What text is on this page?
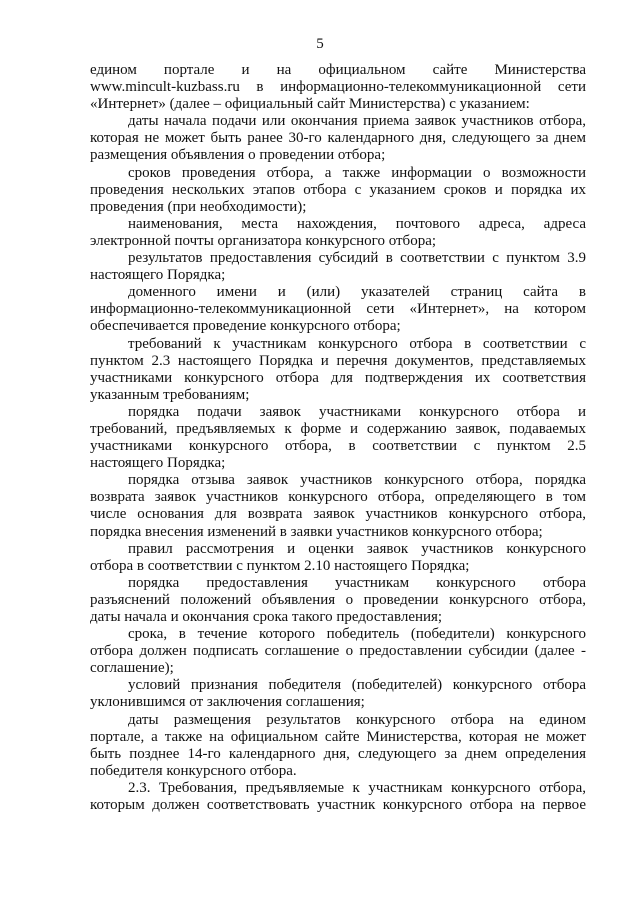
5

едином портале и на официальном сайте Министерства

www.mincult-kuzbass.ru в информационно-телекоммуникационной сети

«Интернет» (далее – официальный сайт Министерства) с указанием:

даты начала подачи или окончания приема заявок участников отбора,

которая не может быть ранее 30-го календарного дня, следующего за днем

размещения объявления о проведении отбора;

сроков проведения отбора, а также информации о возможности

проведения нескольких этапов отбора с указанием сроков и порядка их

проведения (при необходимости);

наименования, места нахождения, почтового адреса, адреса

электронной почты организатора конкурсного отбора;

результатов предоставления субсидий в соответствии с пунктом 3.9

настоящего Порядка;

доменного имени и (или) указателей страниц сайта в

информационно-телекоммуникационной сети «Интернет», на котором

обеспечивается проведение конкурсного отбора;

требований к участникам конкурсного отбора в соответствии с

пунктом 2.3 настоящего Порядка и перечня документов, представляемых

участниками конкурсного отбора для подтверждения их соответствия

указанным требованиям;

порядка подачи заявок участниками конкурсного отбора и

требований, предъявляемых к форме и содержанию заявок, подаваемых

участниками конкурсного отбора, в соответствии с пунктом 2.5

настоящего Порядка;

порядка отзыва заявок участников конкурсного отбора, порядка

возврата заявок участников конкурсного отбора, определяющего в том

числе основания для возврата заявок участников конкурсного отбора,

порядка внесения изменений в заявки участников конкурсного отбора;

правил рассмотрения и оценки заявок участников конкурсного

отбора в соответствии с пунктом 2.10 настоящего Порядка;

порядка предоставления участникам конкурсного отбора

разъяснений положений объявления о проведении конкурсного отбора,

даты начала и окончания срока такого предоставления;

срока, в течение которого победитель (победители) конкурсного

отбора должен подписать соглашение о предоставлении субсидии (далее -

соглашение);

условий признания победителя (победителей) конкурсного отбора

уклонившимся от заключения соглашения;

даты размещения результатов конкурсного отбора на едином

портале, а также на официальном сайте Министерства, которая не может

быть позднее 14-го календарного дня, следующего за днем определения

победителя конкурсного отбора.

2.3. Требования, предъявляемые к участникам конкурсного отбора,

которым должен соответствовать участник конкурсного отбора на первое
